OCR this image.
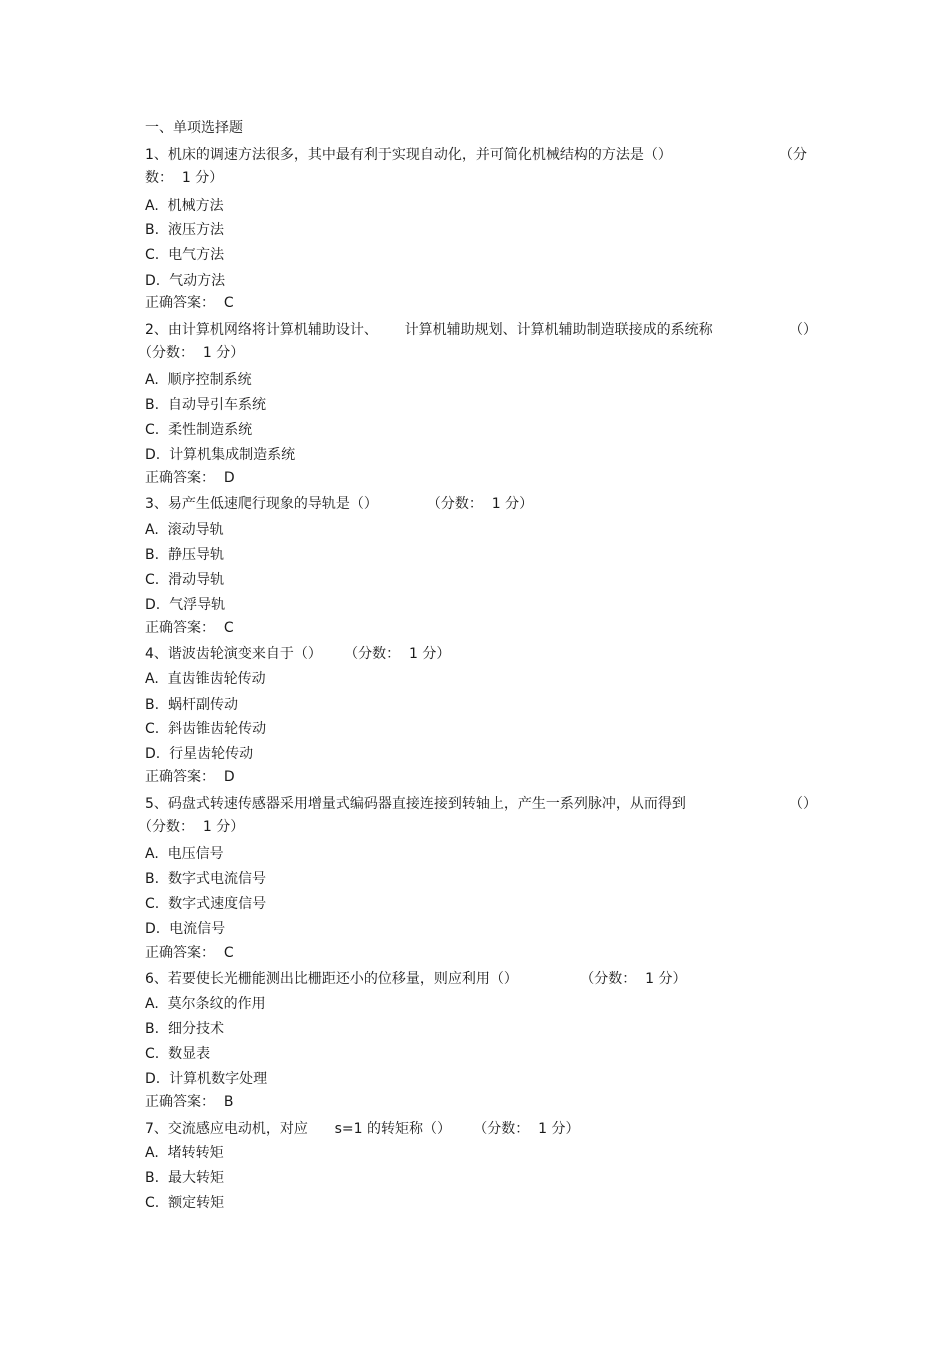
一、单项选择题
1、机床的调速方法很多，其中最有利于实现自动化，并可简化机械结构的方法是（）	（分
数：  1 分）
A.  机械方法
B.  液压方法
C.  电气方法
D.  气动方法
正确答案：  C
2、由计算机网络将计算机辅助设计、      计算机辅助规划、计算机辅助制造联接成的系统称	（）
（分数：  1 分）
A.  顺序控制系统
B.  自动导引车系统
C.  柔性制造系统
D.  计算机集成制造系统
正确答案：  D
3、易产生低速爬行现象的导轨是（）           （分数：  1 分）
A.  滚动导轨
B.  静压导轨
C.  滑动导轨
D.  气浮导轨
正确答案：  C
4、谐波齿轮演变来自于（）     （分数：  1 分）
A.  直齿锥齿轮传动
B.  蜗杆副传动
C.  斜齿锥齿轮传动
D.  行星齿轮传动
正确答案：  D
5、码盘式转速传感器采用增量式编码器直接连接到转轴上，产生一系列脉冲，从而得到	（）
（分数：  1 分）
A.  电压信号
B.  数字式电流信号
C.  数字式速度信号
D.  电流信号
正确答案：  C
6、若要使长光栅能测出比栅距还小的位移量，则应利用（）              （分数：  1 分）
A.  莫尔条纹的作用
B.  细分技术
C.  数显表
D.  计算机数字处理
正确答案：  B
7、交流感应电动机，对应      s=1 的转矩称（）     （分数：  1 分）
A.  堵转转矩
B.  最大转矩
C.  额定转矩
